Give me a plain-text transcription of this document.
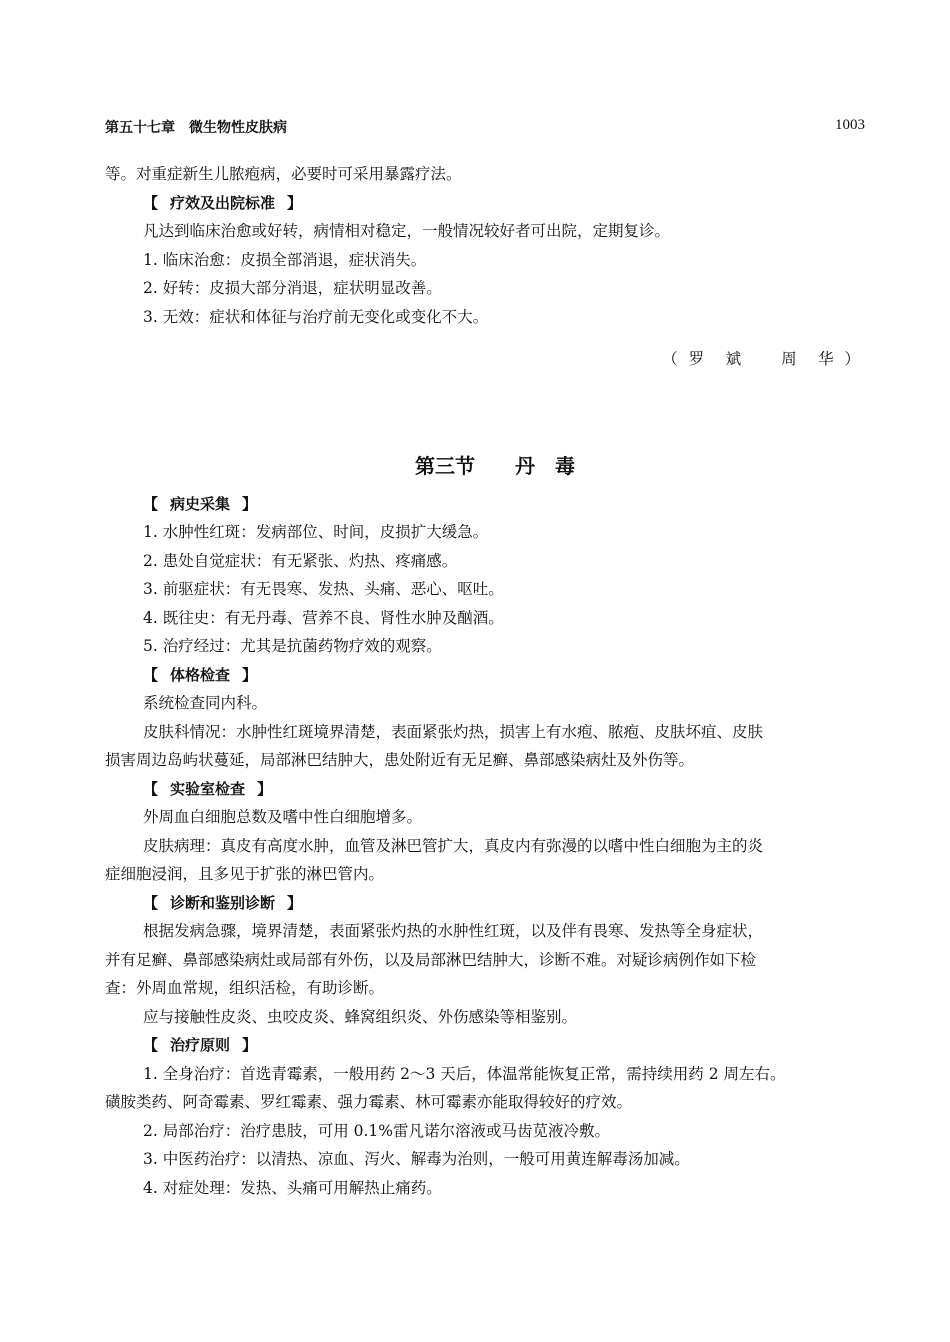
第五十七章　微生物性皮肤病	1003

等。对重症新生儿脓疱病，必要时可采用暴露疗法。

【 疗效及出院标准 】

凡达到临床治愈或好转，病情相对稳定，一般情况较好者可出院，定期复诊。

1. 临床治愈：皮损全部消退，症状消失。

2. 好转：皮损大部分消退，症状明显改善。

3. 无效：症状和体征与治疗前无变化或变化不大。

（ 罗　斌　　周　华 ）

第三节 丹　毒

【 病史采集 】

1. 水肿性红斑：发病部位、时间，皮损扩大缓急。

2. 患处自觉症状：有无紧张、灼热、疼痛感。

3. 前驱症状：有无畏寒、发热、头痛、恶心、呕吐。

4. 既往史：有无丹毒、营养不良、肾性水肿及酗酒。

5. 治疗经过：尤其是抗菌药物疗效的观察。

【 体格检查 】

系统检查同内科。

皮肤科情况：水肿性红斑境界清楚，表面紧张灼热，损害上有水疱、脓疱、皮肤坏疽、皮肤

损害周边岛屿状蔓延，局部淋巴结肿大，患处附近有无足癣、鼻部感染病灶及外伤等。

【 实验室检查 】

外周血白细胞总数及嗜中性白细胞增多。

皮肤病理：真皮有高度水肿，血管及淋巴管扩大，真皮内有弥漫的以嗜中性白细胞为主的炎

症细胞浸润，且多见于扩张的淋巴管内。

【 诊断和鉴别诊断 】

根据发病急骤，境界清楚，表面紧张灼热的水肿性红斑，以及伴有畏寒、发热等全身症状，

并有足癣、鼻部感染病灶或局部有外伤，以及局部淋巴结肿大，诊断不难。对疑诊病例作如下检

查：外周血常规，组织活检，有助诊断。

应与接触性皮炎、虫咬皮炎、蜂窝组织炎、外伤感染等相鉴别。

【 治疗原则 】

1. 全身治疗：首选青霉素，一般用药 2～3 天后，体温常能恢复正常，需持续用药 2 周左右。

磺胺类药、阿奇霉素、罗红霉素、强力霉素、林可霉素亦能取得较好的疗效。

2. 局部治疗：治疗患肢，可用 0.1%雷凡诺尔溶液或马齿苋液冷敷。

3. 中医药治疗：以清热、凉血、泻火、解毒为治则，一般可用黄连解毒汤加减。

4. 对症处理：发热、头痛可用解热止痛药。
